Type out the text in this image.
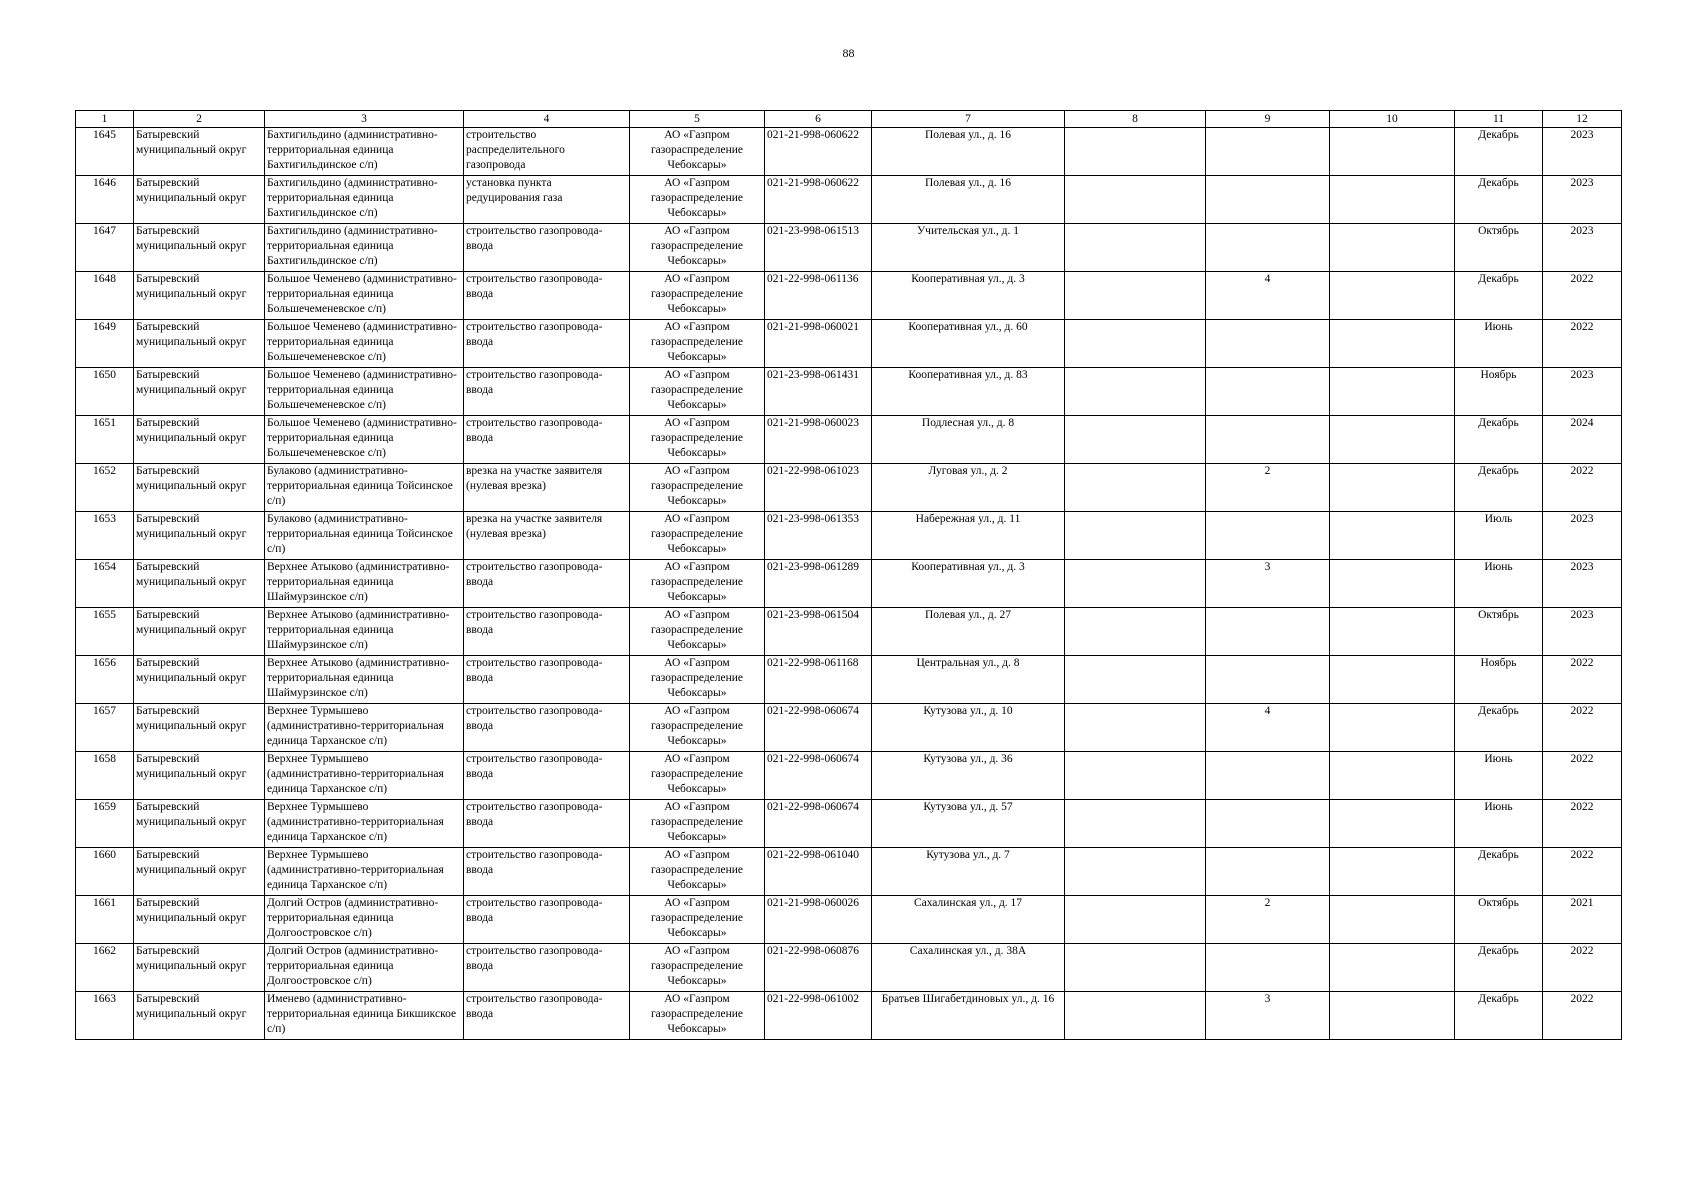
88
1	2	3	4	5	6	7	8	9	10	11	12
1645	Батыревский муниципальный округ	Бахтигильдино (административно-территориальная единица Бахтигильдинское с/п)	строительство распределительного газопровода	АО «Газпром газораспределение Чебоксары»	021-21-998-060622	Полевая ул., д. 16				Декабрь	2023
1646	Батыревский муниципальный округ	Бахтигильдино (административно-территориальная единица Бахтигильдинское с/п)	установка пункта редуцирования газа	АО «Газпром газораспределение Чебоксары»	021-21-998-060622	Полевая ул., д. 16				Декабрь	2023
1647	Батыревский муниципальный округ	Бахтигильдино (административно-территориальная единица Бахтигильдинское с/п)	строительство газопровода-ввода	АО «Газпром газораспределение Чебоксары»	021-23-998-061513	Учительская ул., д. 1				Октябрь	2023
1648	Батыревский муниципальный округ	Большое Чеменево (административно-территориальная единица Большечеменевское с/п)	строительство газопровода-ввода	АО «Газпром газораспределение Чебоксары»	021-22-998-061136	Кооперативная ул., д. 3		4		Декабрь	2022
1649	Батыревский муниципальный округ	Большое Чеменево (административно-территориальная единица Большечеменевское с/п)	строительство газопровода-ввода	АО «Газпром газораспределение Чебоксары»	021-21-998-060021	Кооперативная ул., д. 60				Июнь	2022
1650	Батыревский муниципальный округ	Большое Чеменево (административно-территориальная единица Большечеменевское с/п)	строительство газопровода-ввода	АО «Газпром газораспределение Чебоксары»	021-23-998-061431	Кооперативная ул., д. 83				Ноябрь	2023
1651	Батыревский муниципальный округ	Большое Чеменево (административно-территориальная единица Большечеменевское с/п)	строительство газопровода-ввода	АО «Газпром газораспределение Чебоксары»	021-21-998-060023	Подлесная ул., д. 8				Декабрь	2024
1652	Батыревский муниципальный округ	Булаково (административно-территориальная единица Тойсинское с/п)	врезка на участке заявителя (нулевая врезка)	АО «Газпром газораспределение Чебоксары»	021-22-998-061023	Луговая ул., д. 2		2		Декабрь	2022
1653	Батыревский муниципальный округ	Булаково (административно-территориальная единица Тойсинское с/п)	врезка на участке заявителя (нулевая врезка)	АО «Газпром газораспределение Чебоксары»	021-23-998-061353	Набережная ул., д. 11				Июль	2023
1654	Батыревский муниципальный округ	Верхнее Атыково (административно-территориальная единица Шаймурзинское с/п)	строительство газопровода-ввода	АО «Газпром газораспределение Чебоксары»	021-23-998-061289	Кооперативная ул., д. 3		3		Июнь	2023
1655	Батыревский муниципальный округ	Верхнее Атыково (административно-территориальная единица Шаймурзинское с/п)	строительство газопровода-ввода	АО «Газпром газораспределение Чебоксары»	021-23-998-061504	Полевая ул., д. 27				Октябрь	2023
1656	Батыревский муниципальный округ	Верхнее Атыково (административно-территориальная единица Шаймурзинское с/п)	строительство газопровода-ввода	АО «Газпром газораспределение Чебоксары»	021-22-998-061168	Центральная ул., д. 8				Ноябрь	2022
1657	Батыревский муниципальный округ	Верхнее Турмышево (административно-территориальная единица Тарханское с/п)	строительство газопровода-ввода	АО «Газпром газораспределение Чебоксары»	021-22-998-060674	Кутузова ул., д. 10		4		Декабрь	2022
1658	Батыревский муниципальный округ	Верхнее Турмышево (административно-территориальная единица Тарханское с/п)	строительство газопровода-ввода	АО «Газпром газораспределение Чебоксары»	021-22-998-060674	Кутузова ул., д. 36				Июнь	2022
1659	Батыревский муниципальный округ	Верхнее Турмышево (административно-территориальная единица Тарханское с/п)	строительство газопровода-ввода	АО «Газпром газораспределение Чебоксары»	021-22-998-060674	Кутузова ул., д. 57				Июнь	2022
1660	Батыревский муниципальный округ	Верхнее Турмышево (административно-территориальная единица Тарханское с/п)	строительство газопровода-ввода	АО «Газпром газораспределение Чебоксары»	021-22-998-061040	Кутузова ул., д. 7				Декабрь	2022
1661	Батыревский муниципальный округ	Долгий Остров (административно-территориальная единица Долгоостровское с/п)	строительство газопровода-ввода	АО «Газпром газораспределение Чебоксары»	021-21-998-060026	Сахалинская ул., д. 17		2		Октябрь	2021
1662	Батыревский муниципальный округ	Долгий Остров (административно-территориальная единица Долгоостровское с/п)	строительство газопровода-ввода	АО «Газпром газораспределение Чебоксары»	021-22-998-060876	Сахалинская ул., д. 38А				Декабрь	2022
1663	Батыревский муниципальный округ	Именево (административно-территориальная единица Бикшикское с/п)	строительство газопровода-ввода	АО «Газпром газораспределение Чебоксары»	021-22-998-061002	Братьев Шигабетдиновых ул., д. 16		3		Декабрь	2022
